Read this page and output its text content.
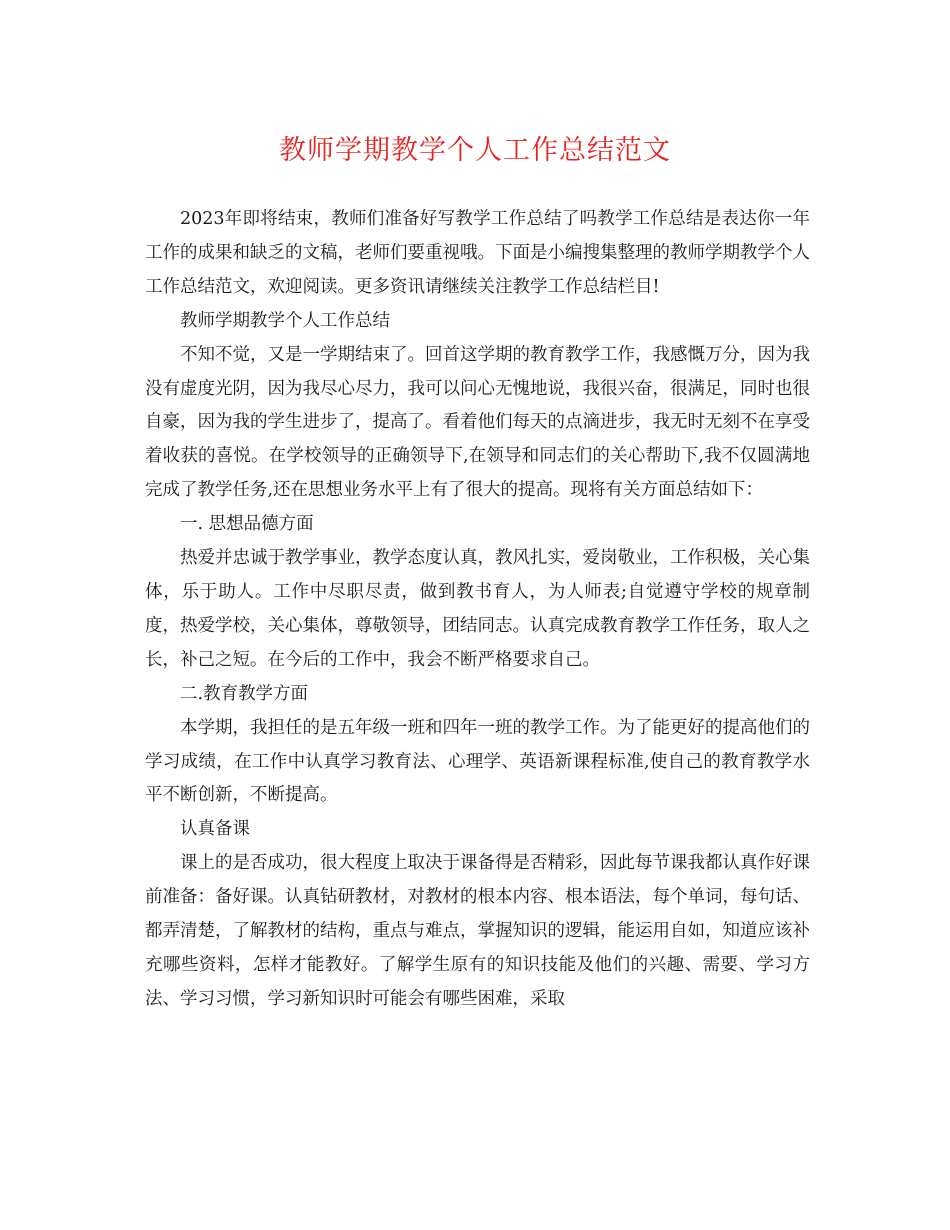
教师学期教学个人工作总结范文

2023年即将结束，教师们准备好写教学工作总结了吗教学工作总结是表达你一年工作的成果和缺乏的文稿，老师们要重视哦。下面是小编搜集整理的教师学期教学个人工作总结范文，欢迎阅读。更多资讯请继续关注教学工作总结栏目!

教师学期教学个人工作总结

不知不觉，又是一学期结束了。回首这学期的教育教学工作，我感慨万分，因为我没有虚度光阴，因为我尽心尽力，我可以问心无愧地说，我很兴奋，很满足，同时也很自豪，因为我的学生进步了，提高了。看着他们每天的点滴进步，我无时无刻不在享受着收获的喜悦。在学校领导的正确领导下,在领导和同志们的关心帮助下,我不仅圆满地完成了教学任务,还在思想业务水平上有了很大的提高。现将有关方面总结如下：

一. 思想品德方面

热爱并忠诚于教学事业，教学态度认真，教风扎实，爱岗敬业，工作积极，关心集体，乐于助人。工作中尽职尽责，做到教书育人，为人师表;自觉遵守学校的规章制度，热爱学校，关心集体，尊敬领导，团结同志。认真完成教育教学工作任务，取人之长，补己之短。在今后的工作中，我会不断严格要求自己。

二.教育教学方面

本学期，我担任的是五年级一班和四年一班的教学工作。为了能更好的提高他们的学习成绩，在工作中认真学习教育法、心理学、英语新课程标准,使自己的教育教学水平不断创新，不断提高。

认真备课

课上的是否成功，很大程度上取决于课备得是否精彩，因此每节课我都认真作好课前准备：备好课。认真钻研教材，对教材的根本内容、根本语法，每个单词，每句话、都弄清楚，了解教材的结构，重点与难点，掌握知识的逻辑，能运用自如，知道应该补充哪些资料，怎样才能教好。了解学生原有的知识技能及他们的兴趣、需要、学习方法、学习习惯，学习新知识时可能会有哪些困难，采取
